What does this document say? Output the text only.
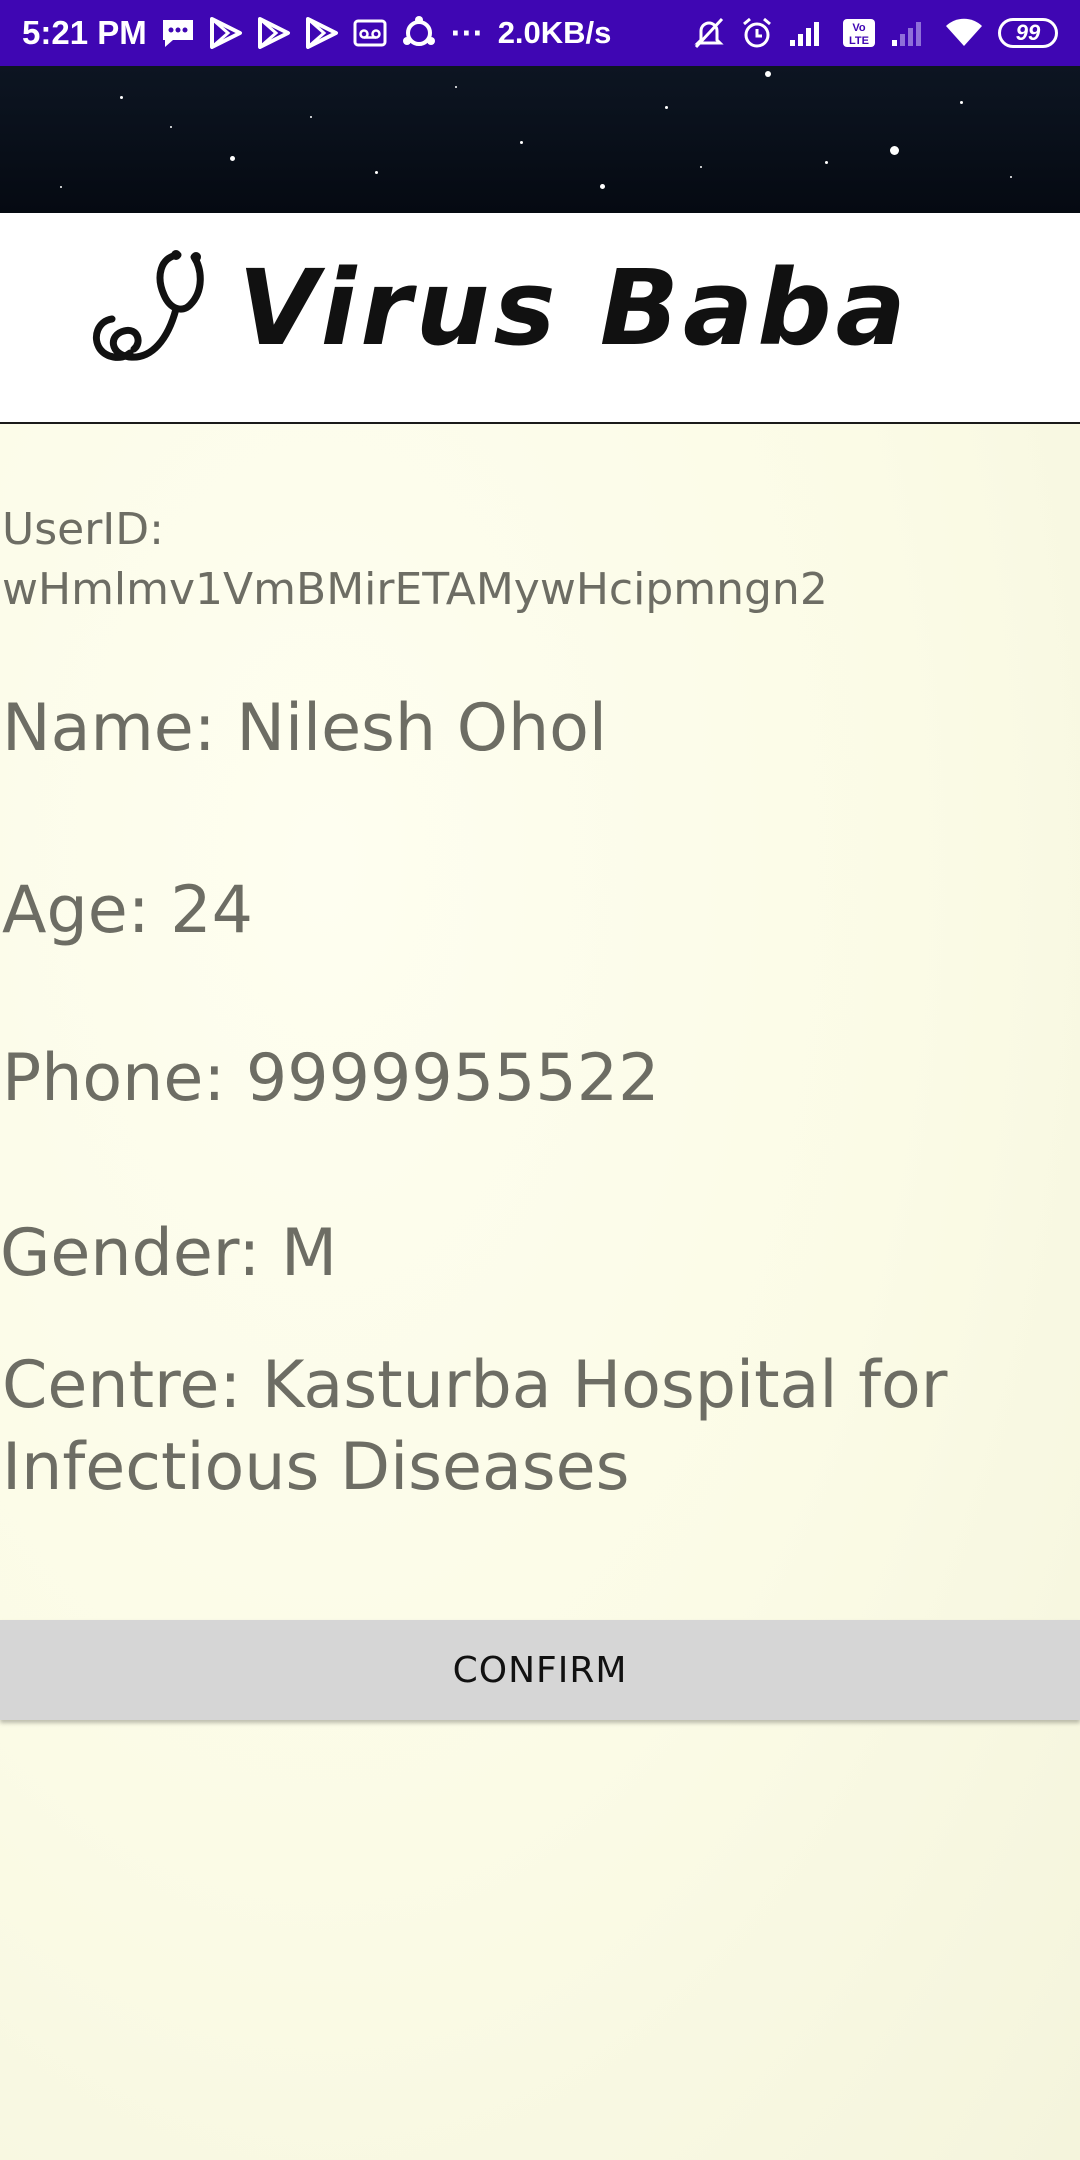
5:21 PM	··· 2.0KB/s	Vo
LTE	99
Virus Baba
UserID:
wHmlmv1VmBMirETAMywHcipmngn2
Name: Nilesh Ohol
Age: 24
Phone: 9999955522
Gender: M
Centre: Kasturba Hospital for Infectious Diseases
CONFIRM
